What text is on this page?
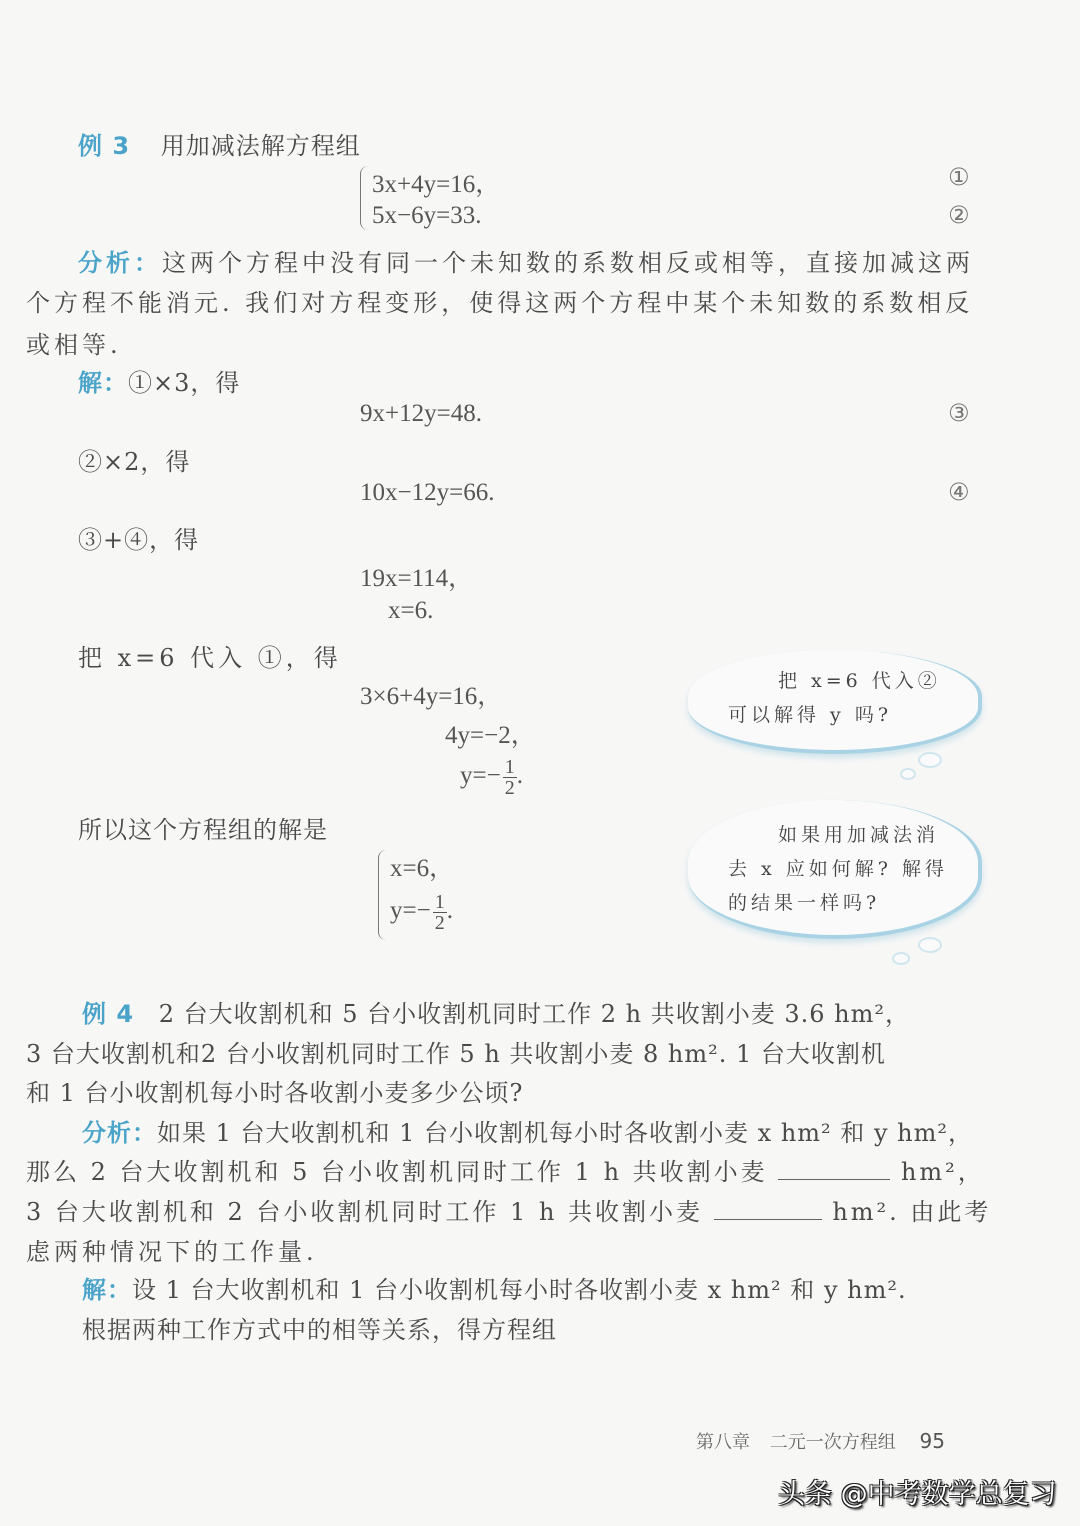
例 3 用加减法解方程组
3x+4y=16，
5x−6y=33.
①
②
分析：这两个方程中没有同一个未知数的系数相反或相等，直接加减这两
个方程不能消元. 我们对方程变形，使得这两个方程中某个未知数的系数相反
或相等.
解：①×3，得
9x+12y=48.	③
②×2，得
10x−12y=66.	④
③+④，得
19x=114，
x=6.
把 x=6 代入 ①，得
3×6+4y=16，
4y=−2，
$y=- \frac{1}{2}$ .
所以这个方程组的解是
x=6，
$y=- \frac{1}{2}$ .
把 x=6 代入②
可以解得 y 吗?
如果用加减法消
去 x 应如何解? 解得
的结果一样吗?
例 4 2 台大收割机和 5 台小收割机同时工作 2 h 共收割小麦 3.6 hm²，
3 台大收割机和2 台小收割机同时工作 5 h 共收割小麦 8 hm². 1 台大收割机
和 1 台小收割机每小时各收割小麦多少公顷?
分析：如果 1 台大收割机和 1 台小收割机每小时各收割小麦 x hm² 和 y hm²，
那么 2 台大收割机和 5 台小收割机同时工作 1 h 共收割小麦	hm²，
3 台大收割机和 2 台小收割机同时工作 1 h 共收割小麦	hm². 由此考
虑两种情况下的工作量.
解：设 1 台大收割机和 1 台小收割机每小时各收割小麦 x hm² 和 y hm².
根据两种工作方式中的相等关系，得方程组
第八章 二元一次方程组 95
头条 @中考数学总复习
